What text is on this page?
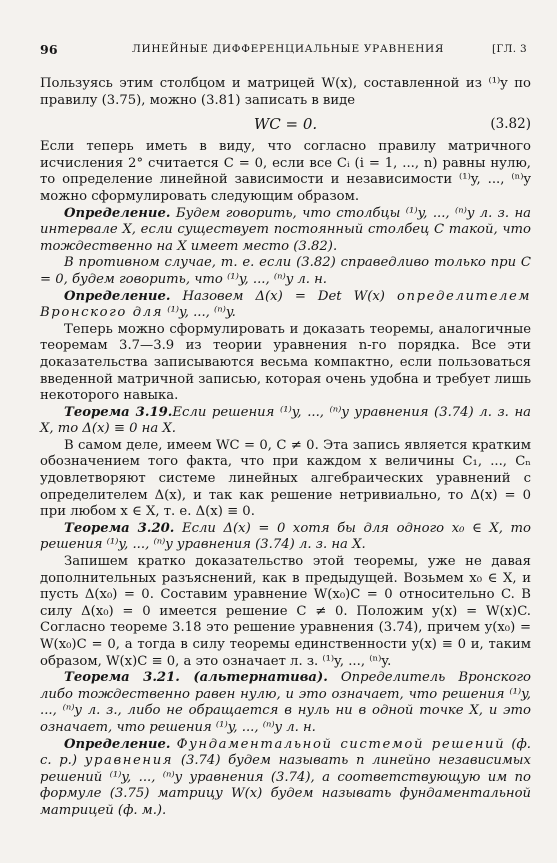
96	ЛИНЕЙНЫЕ ДИФФЕРЕНЦИАЛЬНЫЕ УРАВНЕНИЯ	[ГЛ. 3

Пользуясь этим столбцом и матрицей W(x), составленной из ⁽¹⁾y по правилу (3.75), можно (3.81) записать в виде

WC = 0.	(3.82)

Если теперь иметь в виду, что согласно правилу матричного исчисления 2° считается C = 0, если все Cᵢ (i = 1, ..., n) равны нулю, то определение линейной зависимости и независимости ⁽¹⁾y, ..., ⁽ⁿ⁾y можно сформулировать следующим образом.

Определение. Будем говорить, что столбцы ⁽¹⁾y, ..., ⁽ⁿ⁾y л. з. на интервале X, если существует постоянный столбец C такой, что тождественно на X имеет место (3.82).

В противном случае, т. е. если (3.82) справедливо только при C = 0, будем говорить, что ⁽¹⁾y, ..., ⁽ⁿ⁾y л. н.

Определение. Назовем Δ(x) = Det W(x) определителем Вронского для ⁽¹⁾y, ..., ⁽ⁿ⁾y.

Теперь можно сформулировать и доказать теоремы, аналогичные теоремам 3.7—3.9 из теории уравнения n-го порядка. Все эти доказательства записываются весьма компактно, если пользоваться введенной матричной записью, которая очень удобна и требует лишь некоторого навыка.

Теорема 3.19.Если решения ⁽¹⁾y, ..., ⁽ⁿ⁾y уравнения (3.74) л. з. на X, то Δ(x) ≡ 0 на X.

В самом деле, имеем WC = 0, C ≠ 0. Эта запись является кратким обозначением того факта, что при каждом x величины C₁, ..., Cₙ удовлетворяют системе линейных алгебраических уравнений с определителем Δ(x), и так как решение нетривиально, то Δ(x) = 0 при любом x ∈ X, т. е. Δ(x) ≡ 0.

Теорема 3.20. Если Δ(x) = 0 хотя бы для одного x₀ ∈ X, то решения ⁽¹⁾y, ..., ⁽ⁿ⁾y уравнения (3.74) л. з. на X.

Запишем кратко доказательство этой теоремы, уже не давая дополнительных разъяснений, как в предыдущей. Возьмем x₀ ∈ X, и пусть Δ(x₀) = 0. Составим уравнение W(x₀)C = 0 относительно C. В силу Δ(x₀) = 0 имеется решение C ≠ 0. Положим y(x) = W(x)C. Согласно теореме 3.18 это решение уравнения (3.74), причем y(x₀) = W(x₀)C = 0, а тогда в силу теоремы единственности y(x) ≡ 0 и, таким образом, W(x)C ≡ 0, а это означает л. з. ⁽¹⁾y, ..., ⁽ⁿ⁾y.

Теорема 3.21. (альтернатива). Определитель Вронского либо тождественно равен нулю, и это означает, что решения ⁽¹⁾y, ..., ⁽ⁿ⁾y л. з., либо не обращается в нуль ни в одной точке X, и это означает, что решения ⁽¹⁾y, ..., ⁽ⁿ⁾y л. н.

Определение. Фундаментальной системой решений (ф. с. р.) уравнения (3.74) будем называть n линейно независимых решений ⁽¹⁾y, ..., ⁽ⁿ⁾y уравнения (3.74), а соответствующую им по формуле (3.75) матрицу W(x) будем называть фундаментальной матрицей (ф. м.).
